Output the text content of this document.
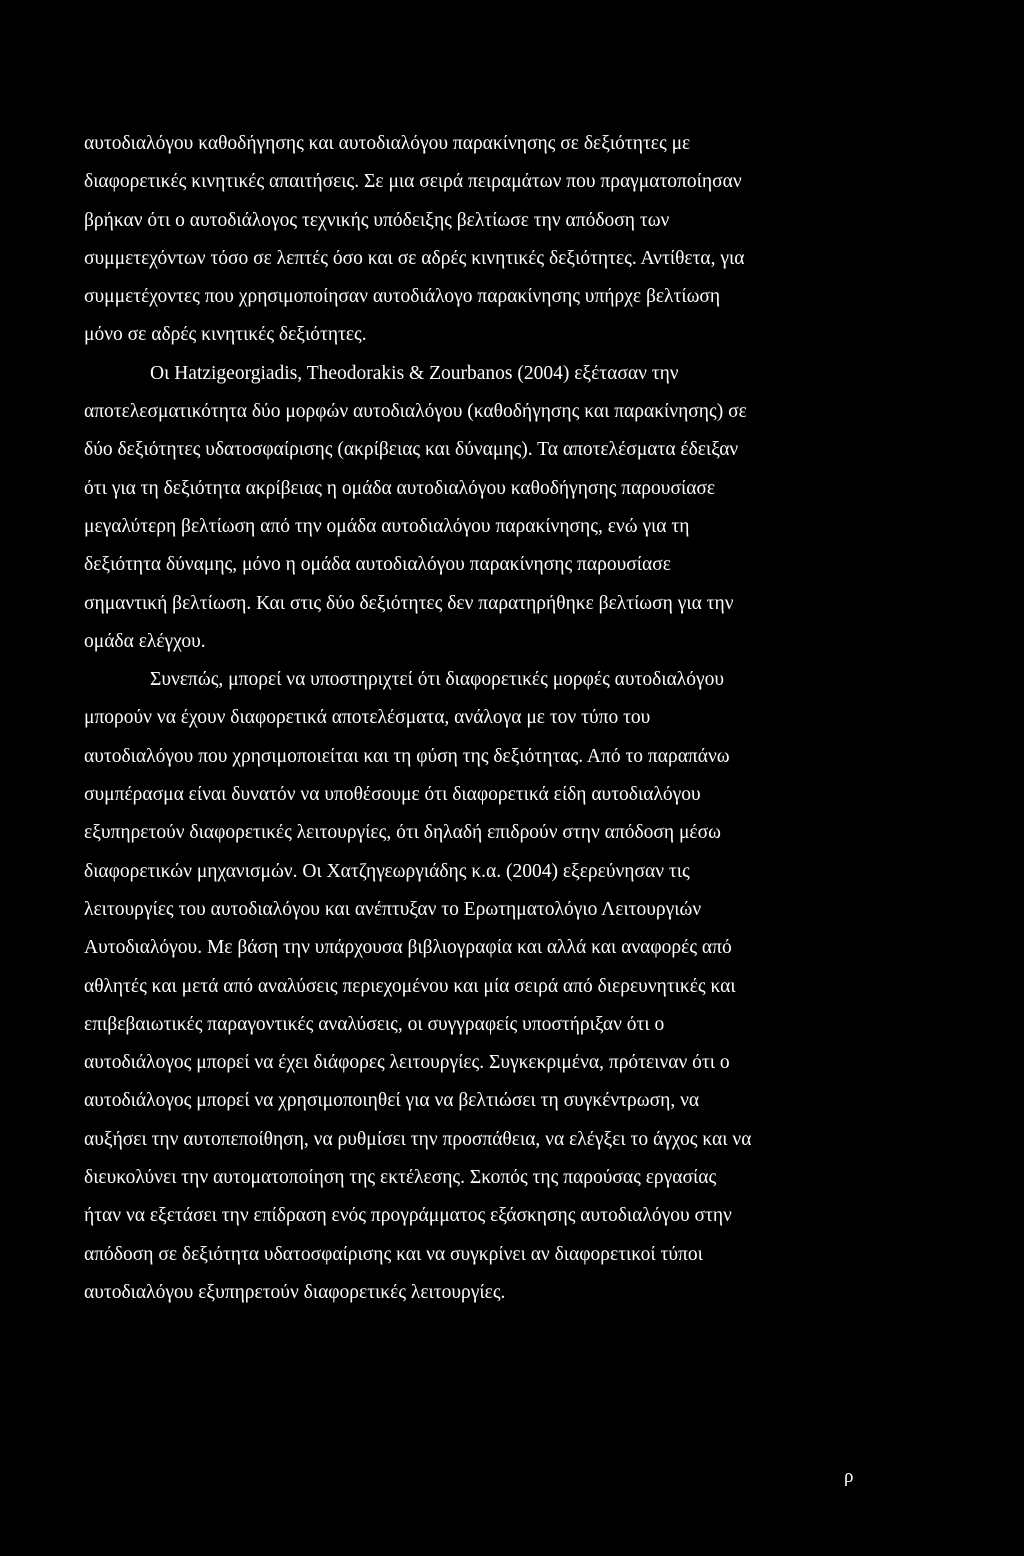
αυτοδιαλόγου καθοδήγησης και αυτοδιαλόγου παρακίνησης σε δεξιότητες με
διαφορετικές κινητικές απαιτήσεις. Σε μια σειρά πειραμάτων που πραγματοποίησαν
βρήκαν ότι ο αυτοδιάλογος τεχνικής υπόδειξης βελτίωσε την απόδοση των
συμμετεχόντων τόσο σε λεπτές όσο και σε αδρές κινητικές δεξιότητες. Αντίθετα, για
συμμετέχοντες που χρησιμοποίησαν αυτοδιάλογο παρακίνησης υπήρχε βελτίωση
μόνο σε αδρές κινητικές δεξιότητες.
Οι Hatzigeorgiadis, Theodorakis & Zourbanos (2004) εξέτασαν την
αποτελεσματικότητα δύο μορφών αυτοδιαλόγου (καθοδήγησης και παρακίνησης) σε
δύο δεξιότητες υδατοσφαίρισης (ακρίβειας και δύναμης). Τα αποτελέσματα έδειξαν
ότι για τη δεξιότητα ακρίβειας η ομάδα αυτοδιαλόγου καθοδήγησης παρουσίασε
μεγαλύτερη βελτίωση από την ομάδα αυτοδιαλόγου παρακίνησης, ενώ για τη
δεξιότητα δύναμης, μόνο η ομάδα αυτοδιαλόγου παρακίνησης παρουσίασε
σημαντική βελτίωση. Και στις δύο δεξιότητες δεν παρατηρήθηκε βελτίωση για την
ομάδα ελέγχου.
Συνεπώς, μπορεί να υποστηριχτεί ότι διαφορετικές μορφές αυτοδιαλόγου
μπορούν να έχουν διαφορετικά αποτελέσματα, ανάλογα με τον τύπο του
αυτοδιαλόγου που χρησιμοποιείται και τη φύση της δεξιότητας. Από το παραπάνω
συμπέρασμα είναι δυνατόν να υποθέσουμε ότι διαφορετικά είδη αυτοδιαλόγου
εξυπηρετούν διαφορετικές λειτουργίες, ότι δηλαδή επιδρούν στην απόδοση μέσω
διαφορετικών μηχανισμών. Οι Χατζηγεωργιάδης κ.α. (2004) εξερεύνησαν τις
λειτουργίες του αυτοδιαλόγου και ανέπτυξαν το Ερωτηματολόγιο Λειτουργιών
Αυτοδιαλόγου. Με βάση την υπάρχουσα βιβλιογραφία και αλλά και αναφορές από
αθλητές και μετά από αναλύσεις περιεχομένου και μία σειρά από διερευνητικές και
επιβεβαιωτικές παραγοντικές αναλύσεις, οι συγγραφείς υποστήριξαν ότι ο
αυτοδιάλογος μπορεί να έχει διάφορες λειτουργίες. Συγκεκριμένα, πρότειναν ότι ο
αυτοδιάλογος μπορεί να χρησιμοποιηθεί για να βελτιώσει τη συγκέντρωση, να
αυξήσει την αυτοπεποίθηση, να ρυθμίσει την προσπάθεια, να ελέγξει το άγχος και να
διευκολύνει την αυτοματοποίηση της εκτέλεσης. Σκοπός της παρούσας εργασίας
ήταν να εξετάσει την επίδραση ενός προγράμματος εξάσκησης αυτοδιαλόγου στην
απόδοση σε δεξιότητα υδατοσφαίρισης και να συγκρίνει αν διαφορετικοί τύποι
αυτοδιαλόγου εξυπηρετούν διαφορετικές λειτουργίες.
ρ
